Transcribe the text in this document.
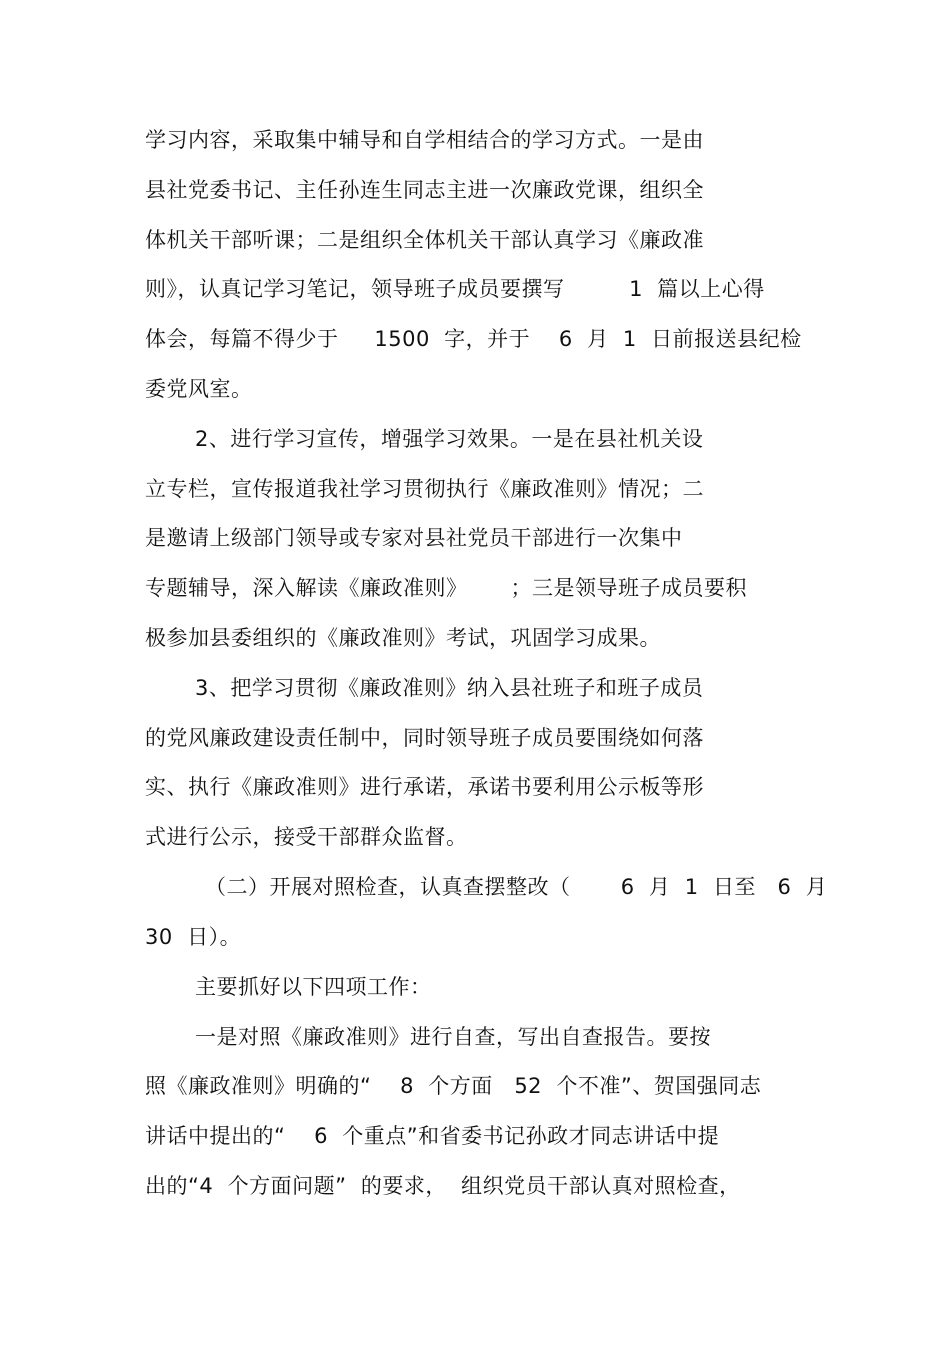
学习内容，采取集中辅导和自学相结合的学习方式。一是由
县社党委书记、主任孙连生同志主进一次廉政党课，组织全
体机关干部听课；二是组织全体机关干部认真学习《廉政准
则》，认真记学习笔记，领导班子成员要撰写         1  篇以上心得
体会，每篇不得少于     1500  字，并于    6  月  1  日前报送县纪检
委党风室。
2、进行学习宣传，增强学习效果。一是在县社机关设
立专栏，宣传报道我社学习贯彻执行《廉政准则》情况；二
是邀请上级部门领导或专家对县社党员干部进行一次集中
专题辅导，深入解读《廉政准则》      ；三是领导班子成员要积
极参加县委组织的《廉政准则》考试，巩固学习成果。
3、把学习贯彻《廉政准则》纳入县社班子和班子成员
的党风廉政建设责任制中，同时领导班子成员要围绕如何落
实、执行《廉政准则》进行承诺，承诺书要利用公示板等形
式进行公示，接受干部群众监督。
（二）开展对照检查，认真查摆整改（       6  月  1  日至   6  月
30  日）。
主要抓好以下四项工作：
一是对照《廉政准则》进行自查，写出自查报告。要按
照《廉政准则》明确的“    8  个方面   52  个不准”、贺国强同志
讲话中提出的“    6  个重点”和省委书记孙政才同志讲话中提
出的“4  个方面问题”  的要求，  组织党员干部认真对照检查，
